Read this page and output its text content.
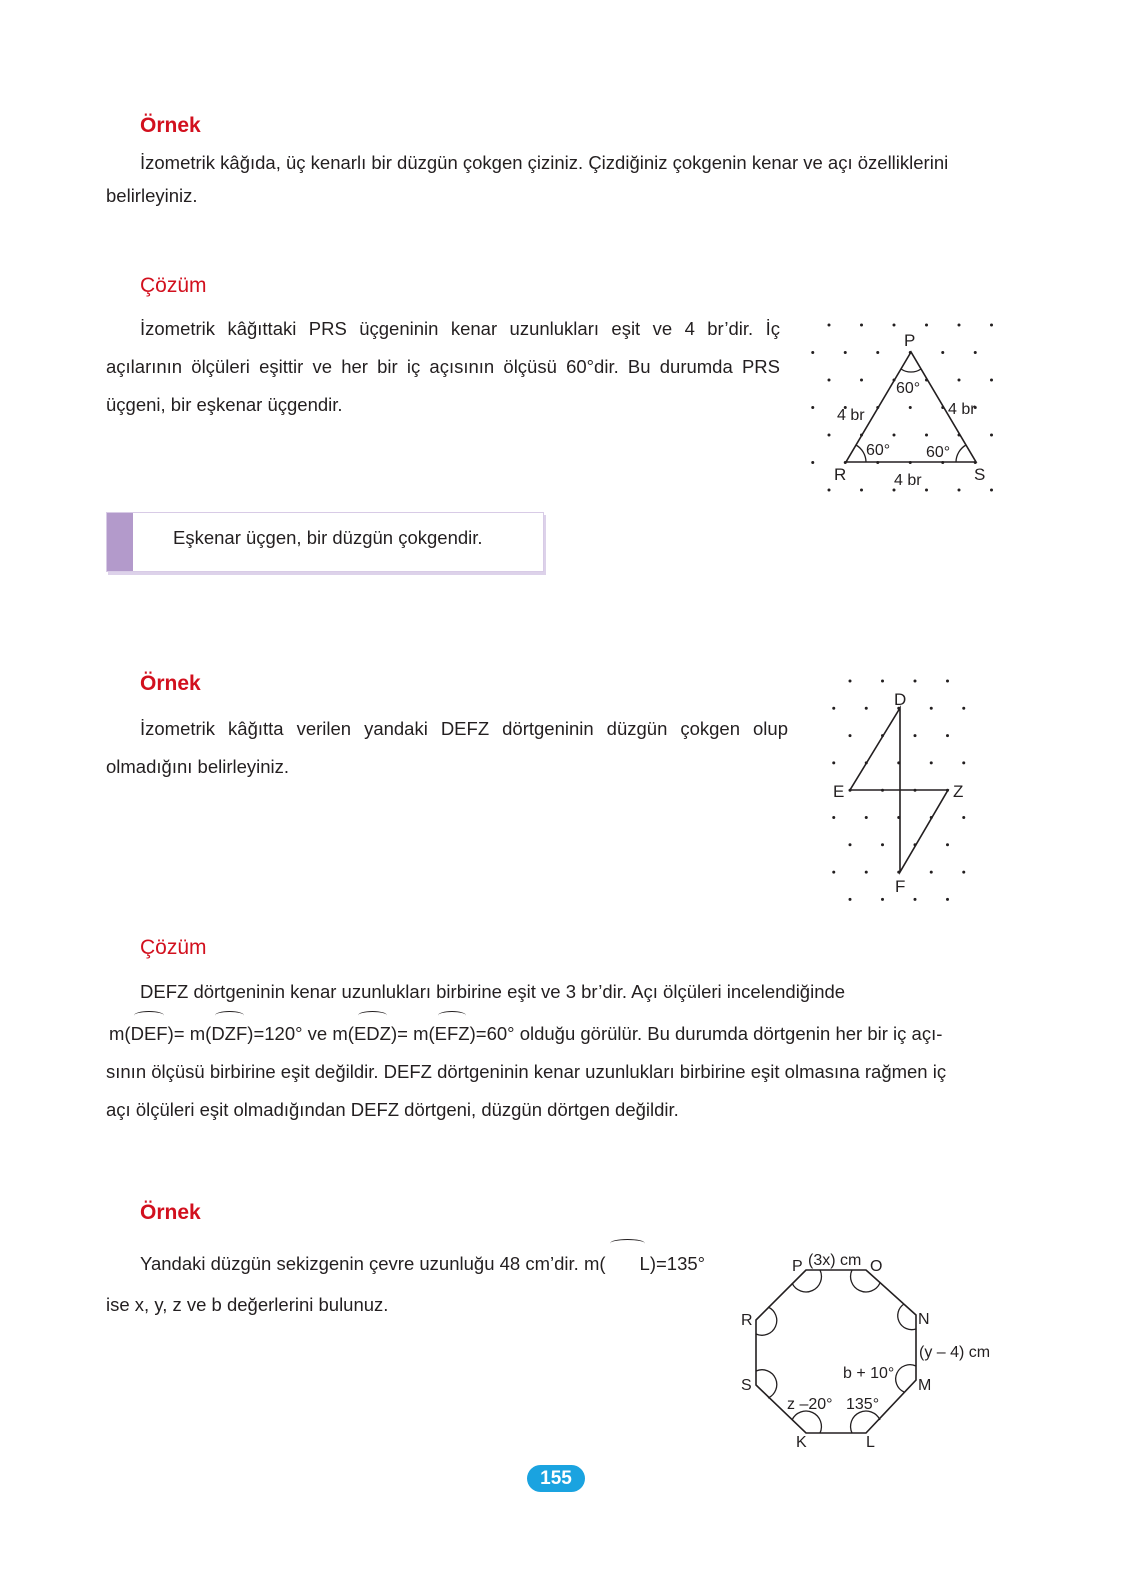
Örnek
İzometrik kâğıda, üç kenarlı bir düzgün çokgen çiziniz. Çizdiğiniz çokgenin kenar ve açı özelliklerini
belirleyiniz.
Çözüm
İzometrik kâğıttaki PRS üçgeninin kenar uzunlukları eşit ve 4 br’dir. İç açılarının ölçüleri eşittir ve her bir iç açısının ölçüsü 60°dir. Bu durumda PRS üçgeni, bir eşkenar üçgendir.
P
R	S
60°
60° 60°
4 br	4 br
4 br
Eşkenar üçgen, bir düzgün çokgendir.
Örnek
İzometrik kâğıtta verilen yandaki DEFZ dörtgeninin düzgün çokgen olup olmadığını belirleyiniz.
D
E	Z
F
Çözüm
DEFZ dörtgeninin kenar uzunlukları birbirine eşit ve 3 br’dir. Açı ölçüleri incelendiğinde
m(DEF)= m(DZF)=120° ve m(EDZ)= m(EFZ)=60° olduğu görülür. Bu durumda dörtgenin her bir iç açı-
sının ölçüsü birbirine eşit değildir. DEFZ dörtgeninin kenar uzunlukları birbirine eşit olmasına rağmen iç
açı ölçüleri eşit olmadığından DEFZ dörtgeni, düzgün dörtgen değildir.
Örnek
Yandaki düzgün sekizgenin çevre uzunluğu 48 cm’dir. m( L)=135°
ise x, y, z ve b değerlerini bulunuz.
P (3x) cm O
N
(y – 4) cm
M
b + 10°
135°
z –20°
L
K
S
R
155
